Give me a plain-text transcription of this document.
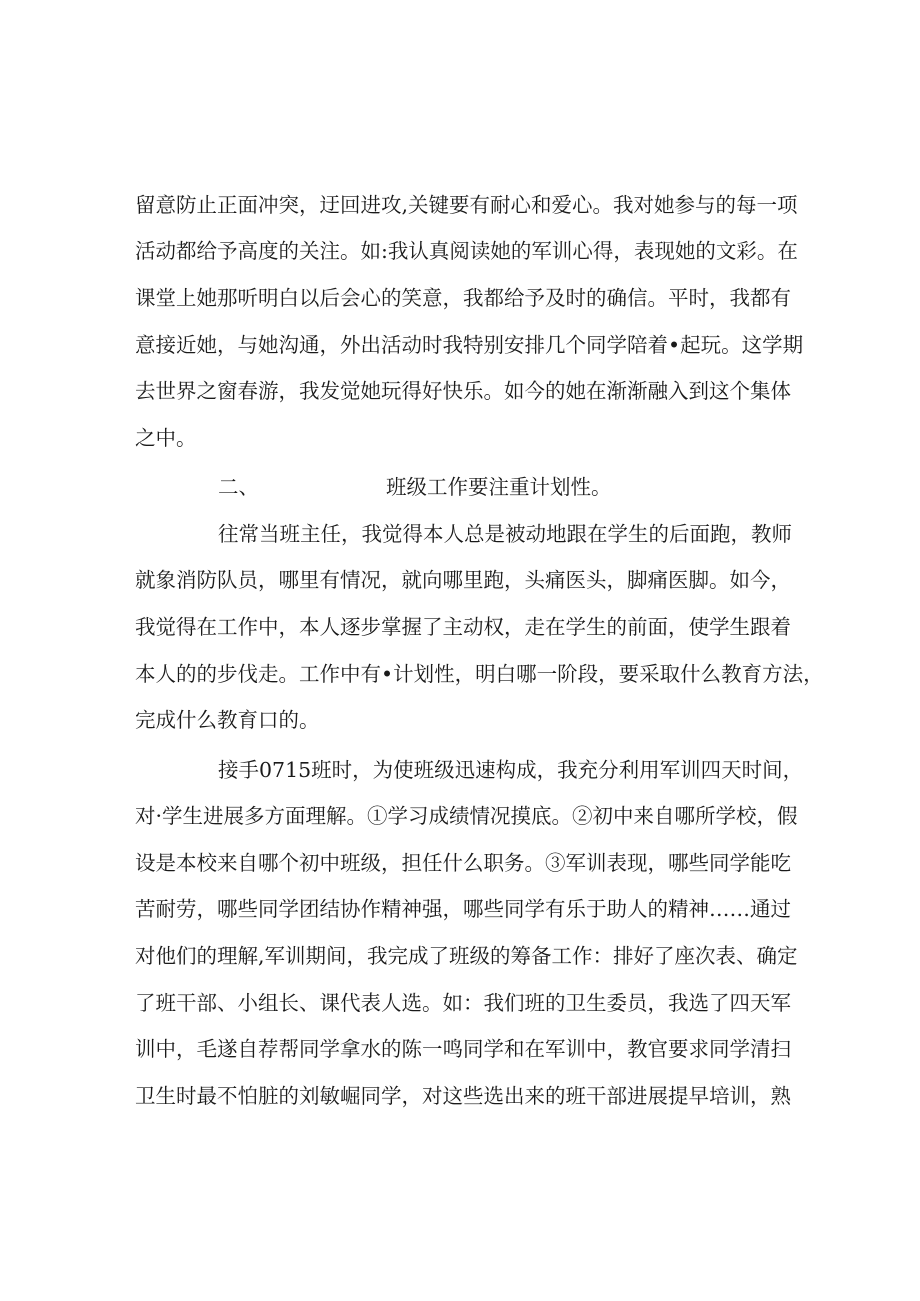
留意防止正面冲突，迂回进攻,关键要有耐心和爱心。我对她参与的每一项
活动都给予高度的关注。如:我认真阅读她的军训心得，表现她的文彩。在
课堂上她那听明白以后会心的笑意，我都给予及时的确信。平时，我都有
意接近她，与她沟通，外出活动时我特别安排几个同学陪着•起玩。这学期
去世界之窗春游，我发觉她玩得好快乐。如今的她在渐渐融入到这个集体
之中。
二、	班级工作要注重计划性。
往常当班主任，我觉得本人总是被动地跟在学生的后面跑，教师
就象消防队员，哪里有情况，就向哪里跑，头痛医头，脚痛医脚。如今，
我觉得在工作中，本人逐步掌握了主动权，走在学生的前面，使学生跟着
本人的的步伐走。工作中有•计划性，明白哪一阶段，要采取什么教育方法，
完成什么教育口的。
接手0715班时，为使班级迅速构成，我充分利用军训四天时间，
对·学生进展多方面理解。①学习成绩情况摸底。②初中来自哪所学校，假
设是本校来自哪个初中班级，担任什么职务。③军训表现，哪些同学能吃
苦耐劳，哪些同学团结协作精神强，哪些同学有乐于助人的精神……通过
对他们的理解,军训期间，我完成了班级的筹备工作：排好了座次表、确定
了班干部、小组长、课代表人选。如：我们班的卫生委员，我选了四天军
训中，毛遂自荐帮同学拿水的陈一鸣同学和在军训中，教官要求同学清扫
卫生时最不怕脏的刘敏崛同学，对这些选出来的班干部进展提早培训，熟
